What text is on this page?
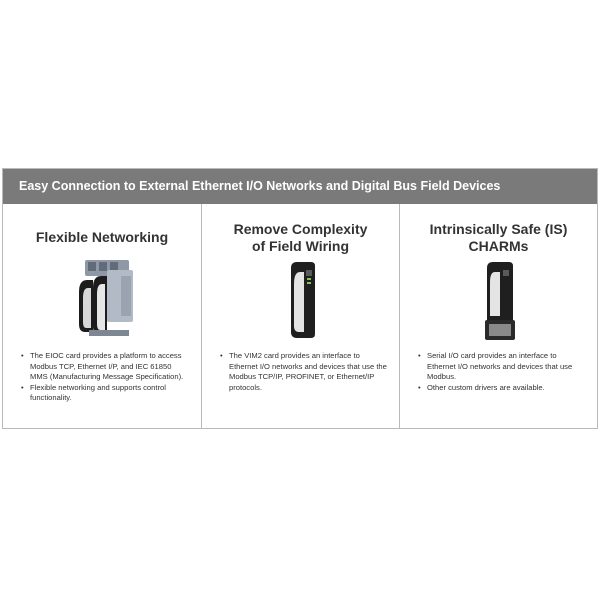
Easy Connection to External Ethernet I/O Networks and Digital Bus Field Devices
Flexible Networking
• The EIOC card provides a platform to access Modbus TCP, Ethernet I/P, and IEC 61850 MMS (Manufacturing Message Specification).
• Flexible networking and supports control functionality.
Remove Complexity
of Field Wiring
• The VIM2 card provides an interface to Ethernet I/O networks and devices that use the Modbus TCP/IP, PROFINET, or Ethernet/IP protocols.
Intrinsically Safe (IS)
CHARMs
• Serial I/O card provides an interface to Ethernet I/O networks and devices that use Modbus.
• Other custom drivers are available.
